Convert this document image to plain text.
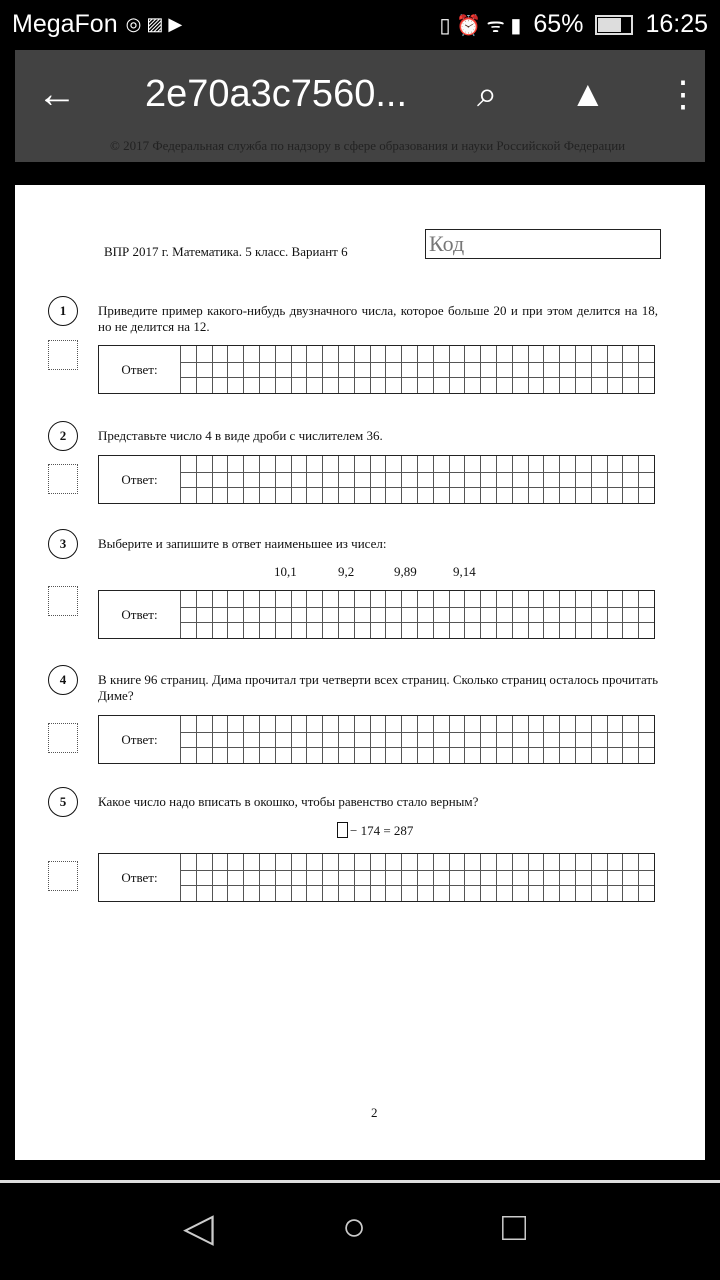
MegaFon ◎ ▨ ▶	▯ ⏰ ᯤ ▮ 65% 16:25
← 2e70a3c7560... ⌕ ▲ ⋮
© 2017 Федеральная служба по надзору в сфере образования и науки Российской Федерации
ВПР 2017 г. Математика. 5 класс. Вариант 6	Код
1	Приведите пример какого-нибудь двузначного числа, которое больше 20 и при этом делится на 18, но не делится на 12.
Ответ:
2	Представьте число 4 в виде дроби с числителем 36.
Ответ:
3	Выберите и запишите в ответ наименьшее из чисел:
10,1	9,2	9,89	9,14
Ответ:
4	В книге 96 страниц. Дима прочитал три четверти всех страниц. Сколько страниц осталось прочитать Диме?
Ответ:
5	Какое число надо вписать в окошко, чтобы равенство стало верным?
− 174 = 287
Ответ:
2
◁	○	□
